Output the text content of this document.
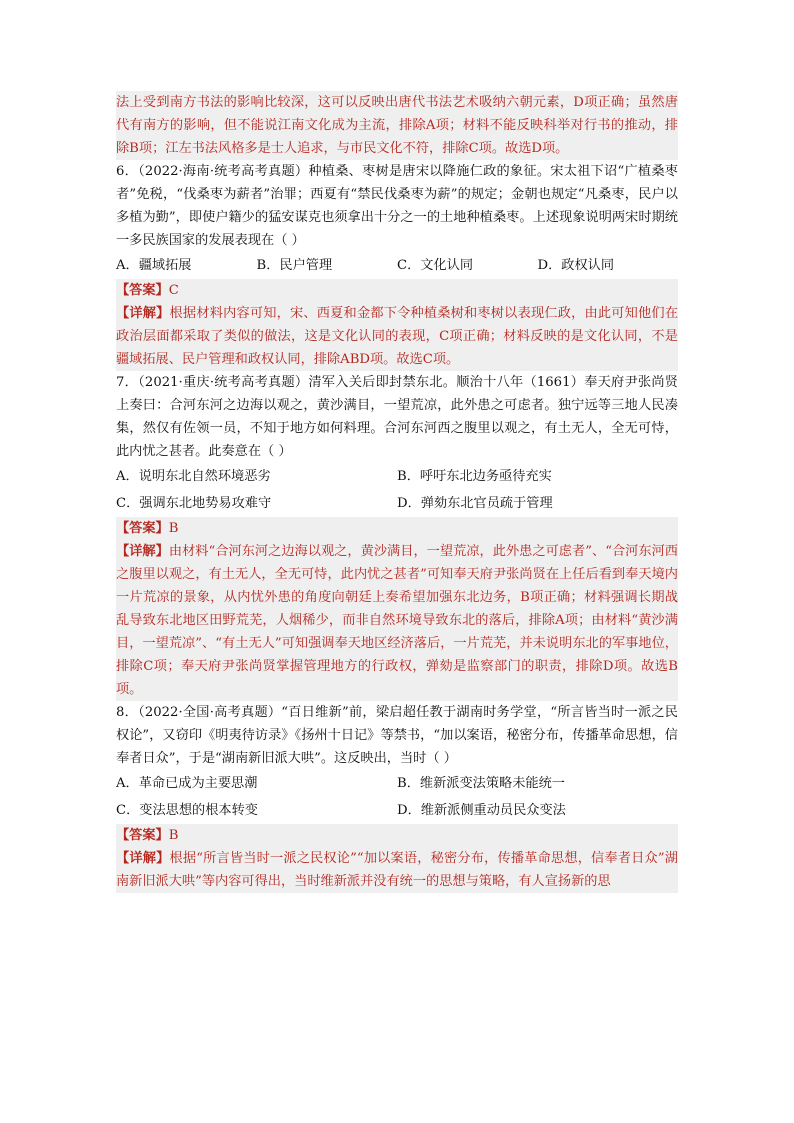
法上受到南方书法的影响比较深，这可以反映出唐代书法艺术吸纳六朝元素，D项正确；虽然唐代有南方的影响，但不能说江南文化成为主流，排除A项；材料不能反映科举对行书的推动，排除B项；江左书法风格多是士人追求，与市民文化不符，排除C项。故选D项。
6．（2022·海南·统考高考真题）种植桑、枣树是唐宋以降施仁政的象征。宋太祖下诏“广植桑枣者”免税，“伐桑枣为薪者”治罪；西夏有“禁民伐桑枣为薪”的规定；金朝也规定“凡桑枣，民户以多植为勤”，即使户籍少的猛安谋克也须拿出十分之一的土地种植桑枣。上述现象说明两宋时期统一多民族国家的发展表现在（ ）
A．疆域拓展	B．民户管理	C．文化认同	D．政权认同
【答案】C
【详解】根据材料内容可知，宋、西夏和金都下令种植桑树和枣树以表现仁政，由此可知他们在政治层面都采取了类似的做法，这是文化认同的表现，C项正确；材料反映的是文化认同，不是疆域拓展、民户管理和政权认同，排除ABD项。故选C项。
7．（2021·重庆·统考高考真题）清军入关后即封禁东北。顺治十八年（1661）奉天府尹张尚贤上奏曰：合河东河之边海以观之，黄沙满目，一望荒凉，此外患之可虑者。独宁远等三地人民凑集，然仅有佐领一员，不知于地方如何料理。合河东河西之腹里以观之，有土无人，全无可恃，此内忧之甚者。此奏意在（ ）
A．说明东北自然环境恶劣	B．呼吁东北边务亟待充实
C．强调东北地势易攻难守	D．弹劾东北官员疏于管理
【答案】B
【详解】由材料“合河东河之边海以观之，黄沙满目，一望荒凉，此外患之可虑者”、“合河东河西之腹里以观之，有土无人，全无可恃，此内忧之甚者”可知奉天府尹张尚贤在上任后看到奉天境内一片荒凉的景象，从内忧外患的角度向朝廷上奏希望加强东北边务，B项正确；材料强调长期战乱导致东北地区田野荒芜，人烟稀少，而非自然环境导致东北的落后，排除A项；由材料“黄沙满目，一望荒凉”、“有土无人”可知强调奉天地区经济落后，一片荒芜，并未说明东北的军事地位，排除C项；奉天府尹张尚贤掌握管理地方的行政权，弹劾是监察部门的职责，排除D项。故选B项。
8．（2022·全国·高考真题）“百日维新”前，梁启超任教于湖南时务学堂，“所言皆当时一派之民权论”，又窃印《明夷待访录》《扬州十日记》等禁书，“加以案语，秘密分布，传播革命思想，信奉者日众”，于是“湖南新旧派大哄”。这反映出，当时（ ）
A．革命已成为主要思潮	B．维新派变法策略未能统一
C．变法思想的根本转变	D．维新派侧重动员民众变法
【答案】B
【详解】根据“所言皆当时一派之民权论”“加以案语，秘密分布，传播革命思想，信奉者日众”湖南新旧派大哄”等内容可得出，当时维新派并没有统一的思想与策略，有人宣扬新的思
